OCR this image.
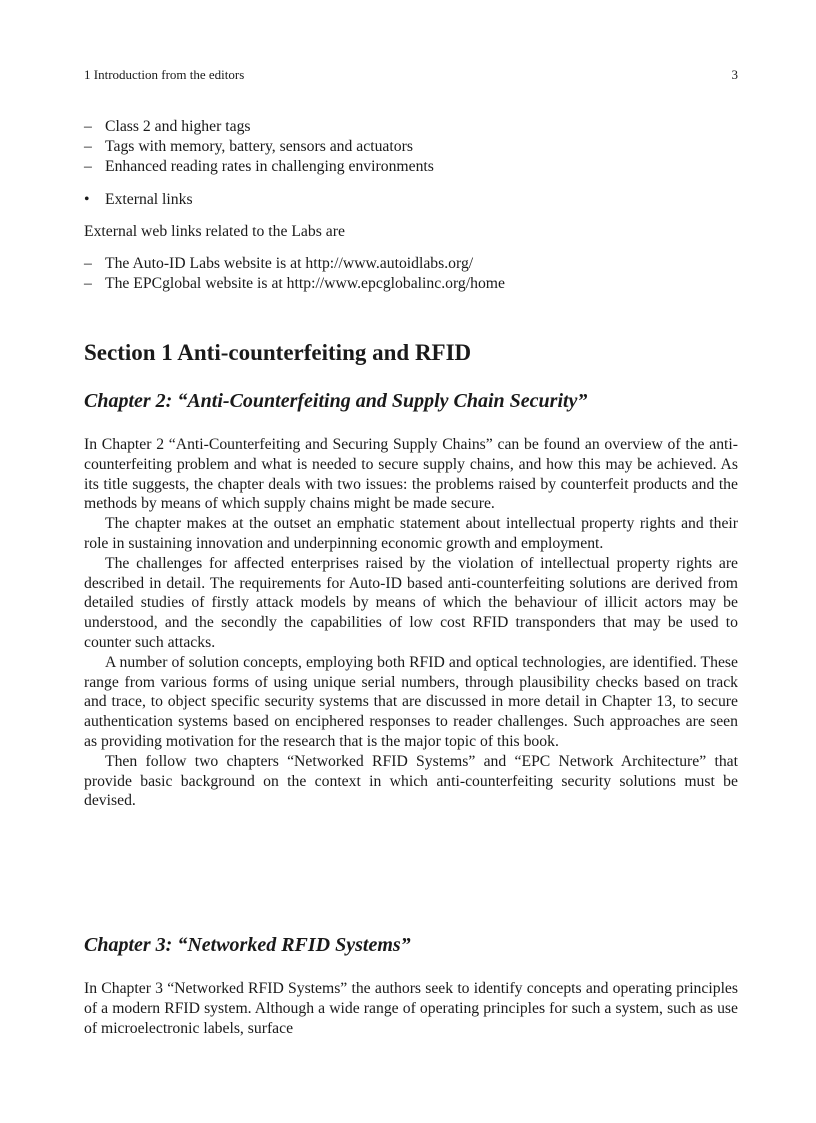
1 Introduction from the editors	3
– Class 2 and higher tags
– Tags with memory, battery, sensors and actuators
– Enhanced reading rates in challenging environments
• External links
External web links related to the Labs are
– The Auto-ID Labs website is at http://www.autoidlabs.org/
– The EPCglobal website is at http://www.epcglobalinc.org/home
Section 1 Anti-counterfeiting and RFID
Chapter 2: “Anti-Counterfeiting and Supply Chain Security”

In Chapter 2 “Anti-Counterfeiting and Securing Supply Chains” can be found an overview of the anti-counterfeiting problem and what is needed to secure supply chains, and how this may be achieved. As its title suggests, the chapter deals with two issues: the problems raised by counterfeit products and the methods by means of which supply chains might be made secure.

The chapter makes at the outset an emphatic statement about intellectual property rights and their role in sustaining innovation and underpinning economic growth and employment.

The challenges for affected enterprises raised by the violation of intellectual property rights are described in detail. The requirements for Auto-ID based anti-counterfeiting solutions are derived from detailed studies of firstly attack models by means of which the behaviour of illicit actors may be understood, and the secondly the capabilities of low cost RFID transponders that may be used to counter such attacks.

A number of solution concepts, employing both RFID and optical technologies, are identified. These range from various forms of using unique serial numbers, through plausibility checks based on track and trace, to object specific security systems that are discussed in more detail in Chapter 13, to secure authentication systems based on enciphered responses to reader challenges. Such approaches are seen as providing motivation for the research that is the major topic of this book.

Then follow two chapters “Networked RFID Systems” and “EPC Network Architecture” that provide basic background on the context in which anti-counterfeiting security solutions must be devised.

Chapter 3: “Networked RFID Systems”

In Chapter 3 “Networked RFID Systems” the authors seek to identify concepts and operating principles of a modern RFID system. Although a wide range of operating principles for such a system, such as use of microelectronic labels, surface
